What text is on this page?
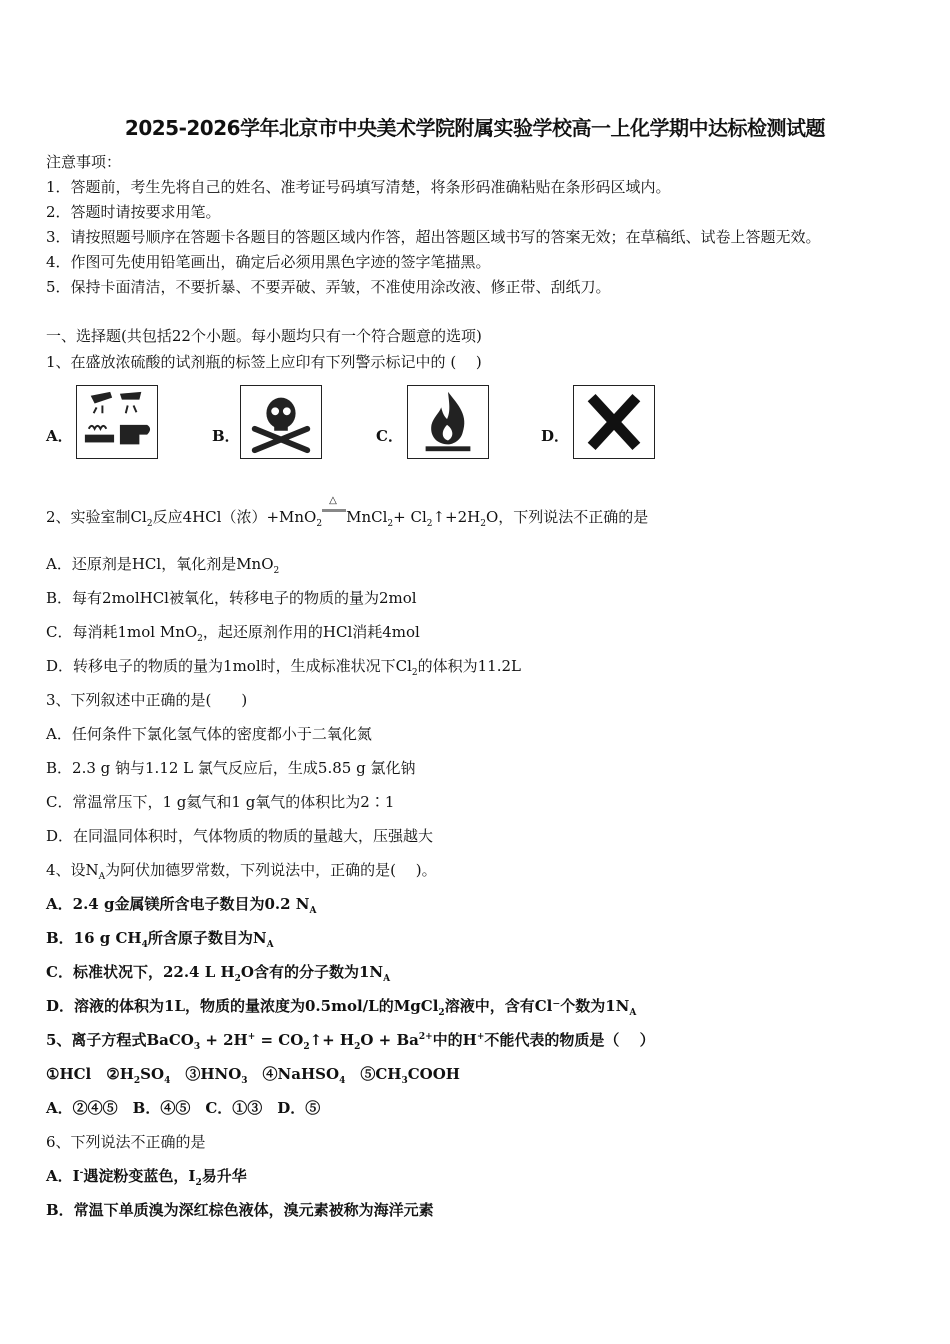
2025-2026学年北京市中央美术学院附属实验学校高一上化学期中达标检测试题
注意事项：
1．答题前，考生先将自己的姓名、准考证号码填写清楚，将条形码准确粘贴在条形码区域内。
2．答题时请按要求用笔。
3．请按照题号顺序在答题卡各题目的答题区域内作答，超出答题区域书写的答案无效；在草稿纸、试卷上答题无效。
4．作图可先使用铅笔画出，确定后必须用黑色字迹的签字笔描黑。
5．保持卡面清洁，不要折暴、不要弄破、弄皱，不准使用涂改液、修正带、刮纸刀。
一、选择题(共包括22个小题。每小题均只有一个符合题意的选项)
1、在盛放浓硫酸的试剂瓶的标签上应印有下列警示标记中的 (　 )
A．	B．	C．	D．
2、实验室制$Cl_2$反应4HCl（浓）+MnO$_2$
△
MnCl$_2$+ $Cl_2↑+2H_2O$，下列说法不正确的是
A．还原剂是HCl，氧化剂是MnO$_2$
B．每有2molHCl被氧化，转移电子的物质的量为2mol
C．每消耗1mol MnO$_2$，起还原剂作用的HCl消耗4mol
D．转移电子的物质的量为1mol时，生成标准状况下$Cl_2$的体积为11.2L
3、下列叙述中正确的是(　　)
A．任何条件下氯化氢气体的密度都小于二氧化氮
B．2.3 g 钠与1.12 L 氯气反应后，生成5.85 g 氯化钠
C．常温常压下，1 g氦气和1 g氧气的体积比为2∶1
D．在同温同体积时，气体物质的物质的量越大，压强越大
4、设$N_A$为阿伏加德罗常数，下列说法中，正确的是(　 )。
A．2.4 g金属镁所含电子数目为0.2 $N_A$
B．16 g $CH_4$所含原子数目为$N_A$
C．标准状况下，22.4 L $H_2O$含有的分子数为$1N_A$
D．溶液的体积为1L，物质的量浓度为0.5mol/L的MgCl$_2$溶液中，含有Cl⁻个数为$1N_A$
5、离子方程式BaCO$_3$ + $2H^+ = CO_2↑+ H_2O + Ba^{2+}$中的H+不能代表的物质是（　 ）
①HCl　$②H_2SO_4$　$③HNO_3$　④NaHSO$_4$　$⑤CH_3COOH$
A．②④⑤　B．④⑤　C．①③　D．⑤
6、下列说法不正确的是
A．I-遇淀粉变蓝色，$I_2$易升华
B．常温下单质溴为深红棕色液体，溴元素被称为海洋元素
